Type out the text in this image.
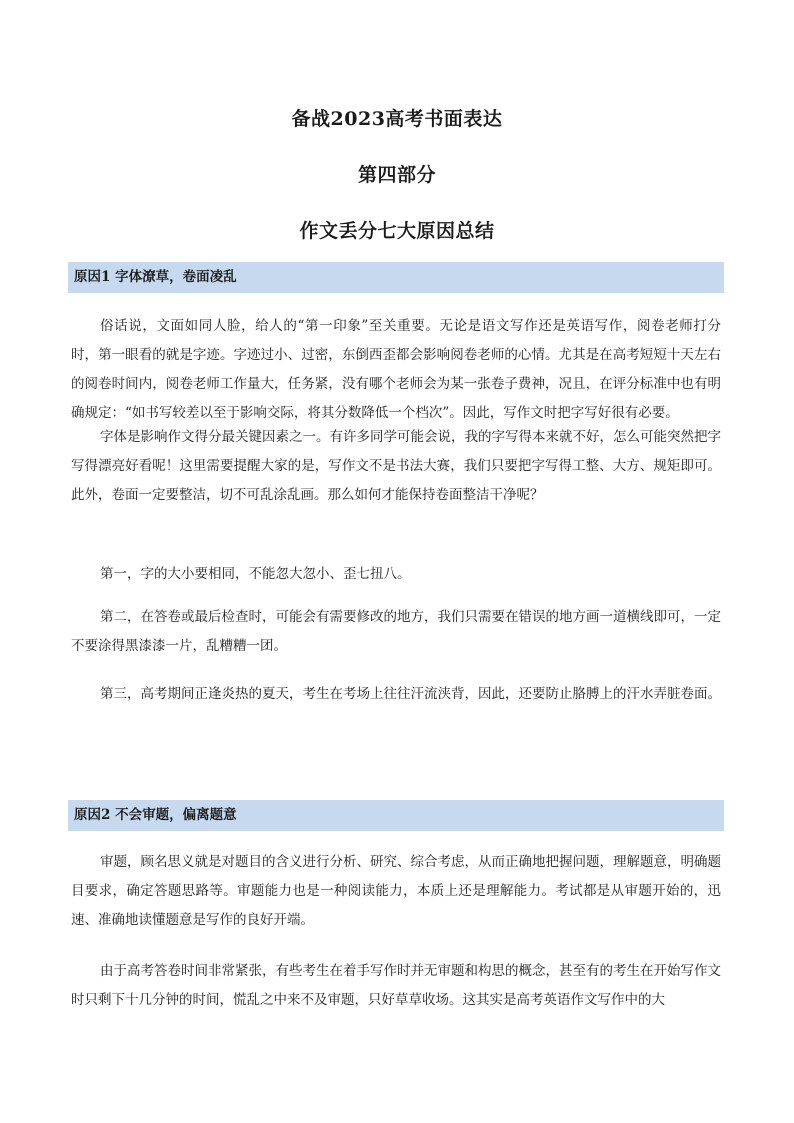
备战2023高考书面表达
第四部分
作文丢分七大原因总结
原因1 字体潦草，卷面凌乱

俗话说，文面如同人脸，给人的“第一印象”至关重要。无论是语文写作还是英语写作，阅卷老师打分时，第一眼看的就是字迹。字迹过小、过密，东倒西歪都会影响阅卷老师的心情。尤其是在高考短短十天左右的阅卷时间内，阅卷老师工作量大，任务紧，没有哪个老师会为某一张卷子费神，况且，在评分标准中也有明确规定：“如书写较差以至于影响交际，将其分数降低一个档次”。因此，写作文时把字写好很有必要。

字体是影响作文得分最关键因素之一。有许多同学可能会说，我的字写得本来就不好，怎么可能突然把字写得漂亮好看呢！这里需要提醒大家的是，写作文不是书法大赛，我们只要把字写得工整、大方、规矩即可。此外，卷面一定要整洁，切不可乱涂乱画。那么如何才能保持卷面整洁干净呢？

第一，字的大小要相同，不能忽大忽小、歪七扭八。

第二，在答卷或最后检查时，可能会有需要修改的地方，我们只需要在错误的地方画一道横线即可，一定不要涂得黑漆漆一片，乱糟糟一团。

第三，高考期间正逢炎热的夏天，考生在考场上往往汗流浃背，因此，还要防止胳膊上的汗水弄脏卷面。

原因2 不会审题，偏离题意

审题，顾名思义就是对题目的含义进行分析、研究、综合考虑，从而正确地把握问题，理解题意，明确题目要求，确定答题思路等。审题能力也是一种阅读能力，本质上还是理解能力。考试都是从审题开始的，迅速、准确地读懂题意是写作的良好开端。

由于高考答卷时间非常紧张，有些考生在着手写作时并无审题和构思的概念，甚至有的考生在开始写作文时只剩下十几分钟的时间，慌乱之中来不及审题，只好草草收场。这其实是高考英语作文写作中的大
